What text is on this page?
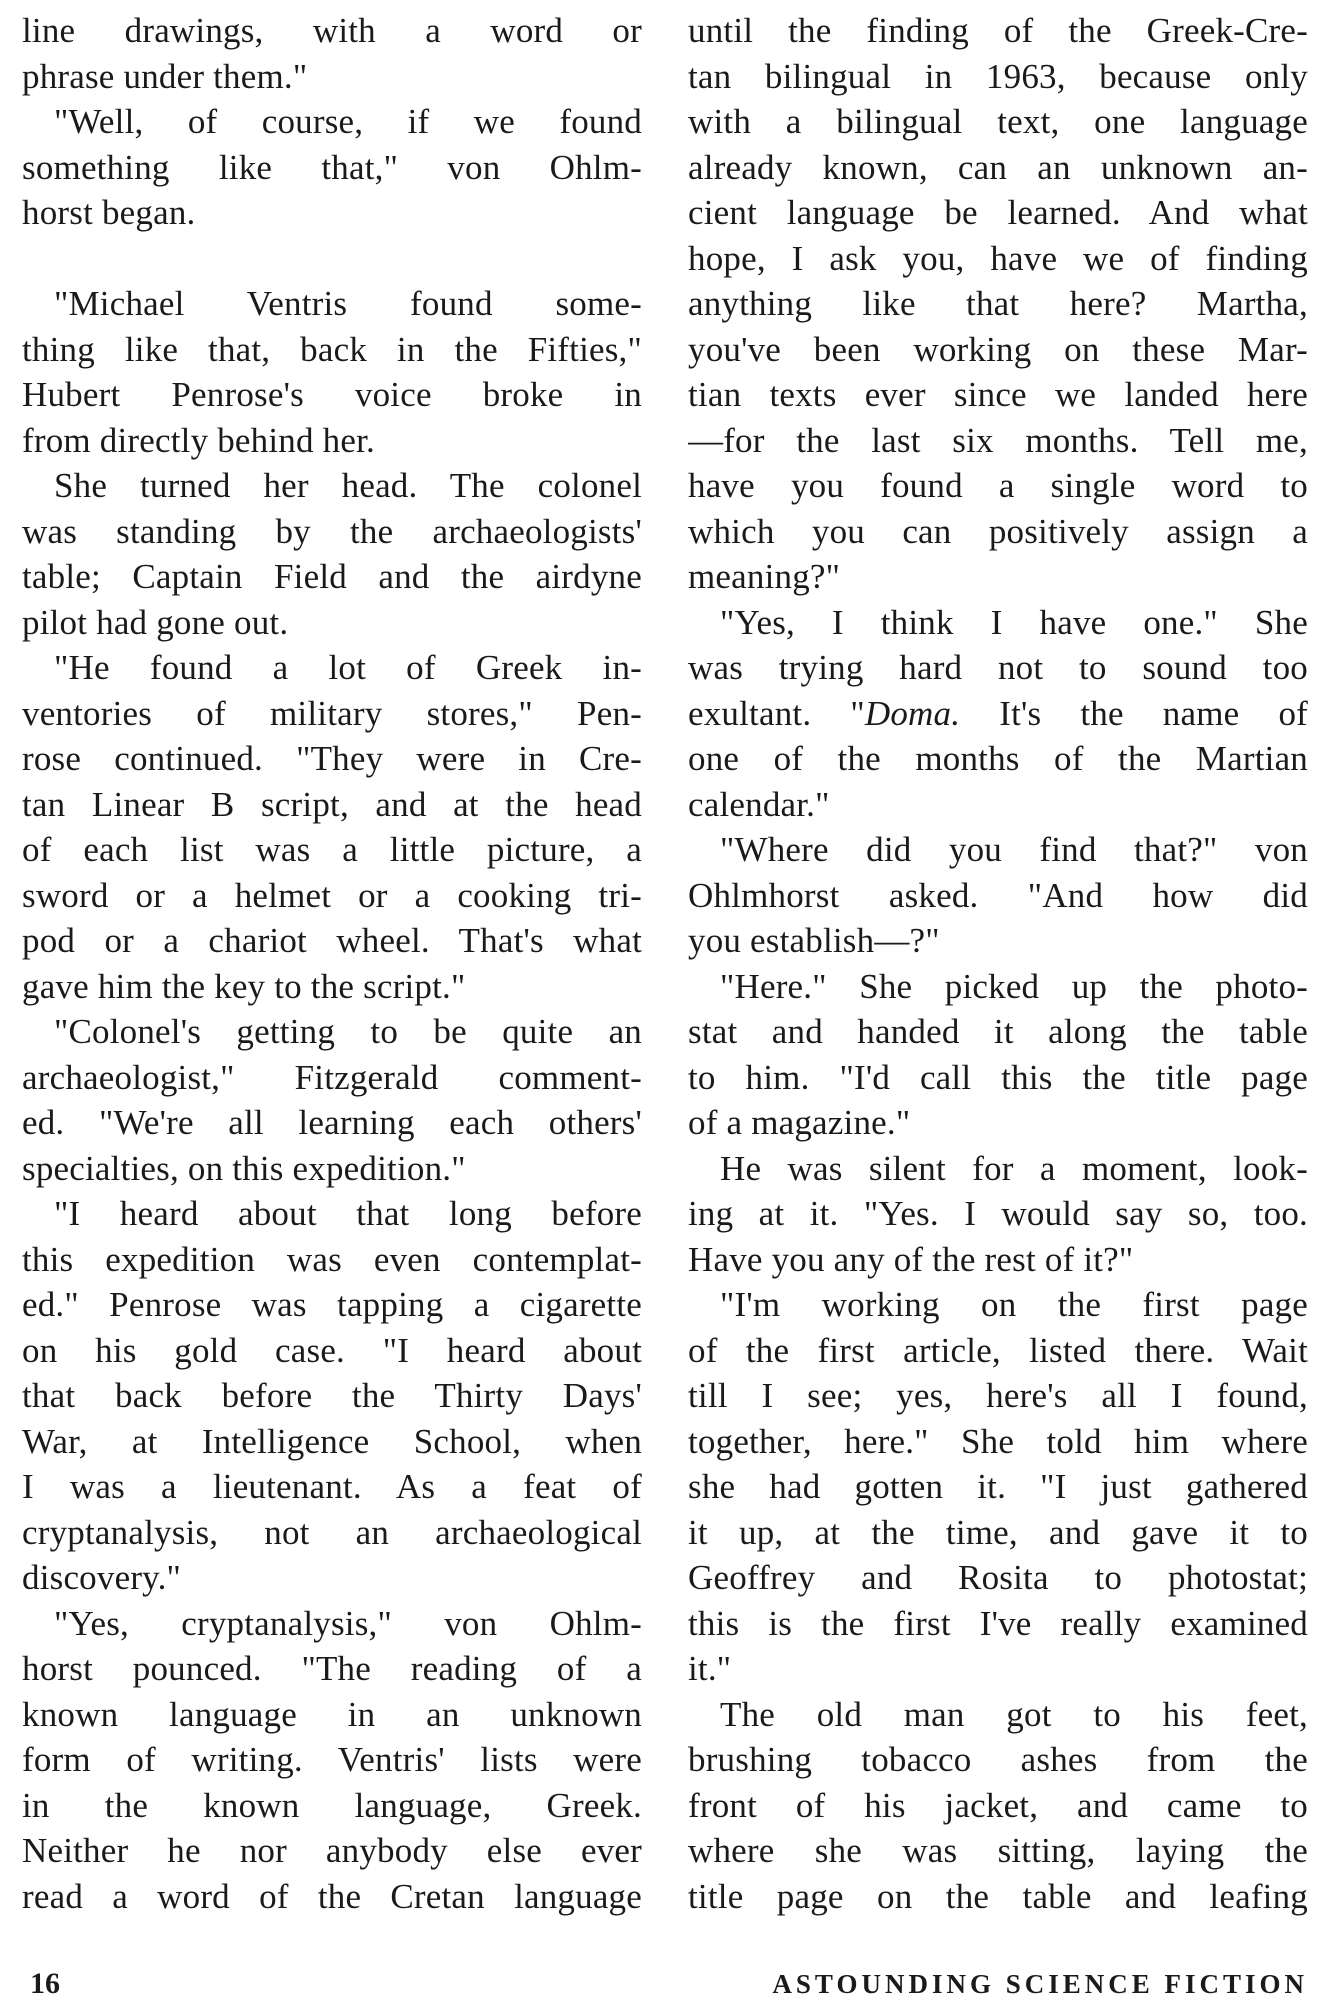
line drawings, with a word or
phrase under them."
"Well, of course, if we found
something like that," von Ohlm-
horst began.
"Michael Ventris found some-
thing like that, back in the Fifties,"
Hubert Penrose's voice broke in
from directly behind her.
She turned her head. The colonel
was standing by the archaeologists'
table; Captain Field and the airdyne
pilot had gone out.
"He found a lot of Greek in-
ventories of military stores," Pen-
rose continued. "They were in Cre-
tan Linear B script, and at the head
of each list was a little picture, a
sword or a helmet or a cooking tri-
pod or a chariot wheel. That's what
gave him the key to the script."
"Colonel's getting to be quite an
archaeologist," Fitzgerald comment-
ed. "We're all learning each others'
specialties, on this expedition."
"I heard about that long before
this expedition was even contemplat-
ed." Penrose was tapping a cigarette
on his gold case. "I heard about
that back before the Thirty Days'
War, at Intelligence School, when
I was a lieutenant. As a feat of
cryptanalysis, not an archaeological
discovery."
"Yes, cryptanalysis," von Ohlm-
horst pounced. "The reading of a
known language in an unknown
form of writing. Ventris' lists were
in the known language, Greek.
Neither he nor anybody else ever
read a word of the Cretan language
until the finding of the Greek-Cre-
tan bilingual in 1963, because only
with a bilingual text, one language
already known, can an unknown an-
cient language be learned. And what
hope, I ask you, have we of finding
anything like that here? Martha,
you've been working on these Mar-
tian texts ever since we landed here
—for the last six months. Tell me,
have you found a single word to
which you can positively assign a
meaning?"
"Yes, I think I have one." She
was trying hard not to sound too
exultant. "Doma. It's the name of
one of the months of the Martian
calendar."
"Where did you find that?" von
Ohlmhorst asked. "And how did
you establish—?"
"Here." She picked up the photo-
stat and handed it along the table
to him. "I'd call this the title page
of a magazine."
He was silent for a moment, look-
ing at it. "Yes. I would say so, too.
Have you any of the rest of it?"
"I'm working on the first page
of the first article, listed there. Wait
till I see; yes, here's all I found,
together, here." She told him where
she had gotten it. "I just gathered
it up, at the time, and gave it to
Geoffrey and Rosita to photostat;
this is the first I've really examined
it."
The old man got to his feet,
brushing tobacco ashes from the
front of his jacket, and came to
where she was sitting, laying the
title page on the table and leafing
16	ASTOUNDING SCIENCE FICTION
